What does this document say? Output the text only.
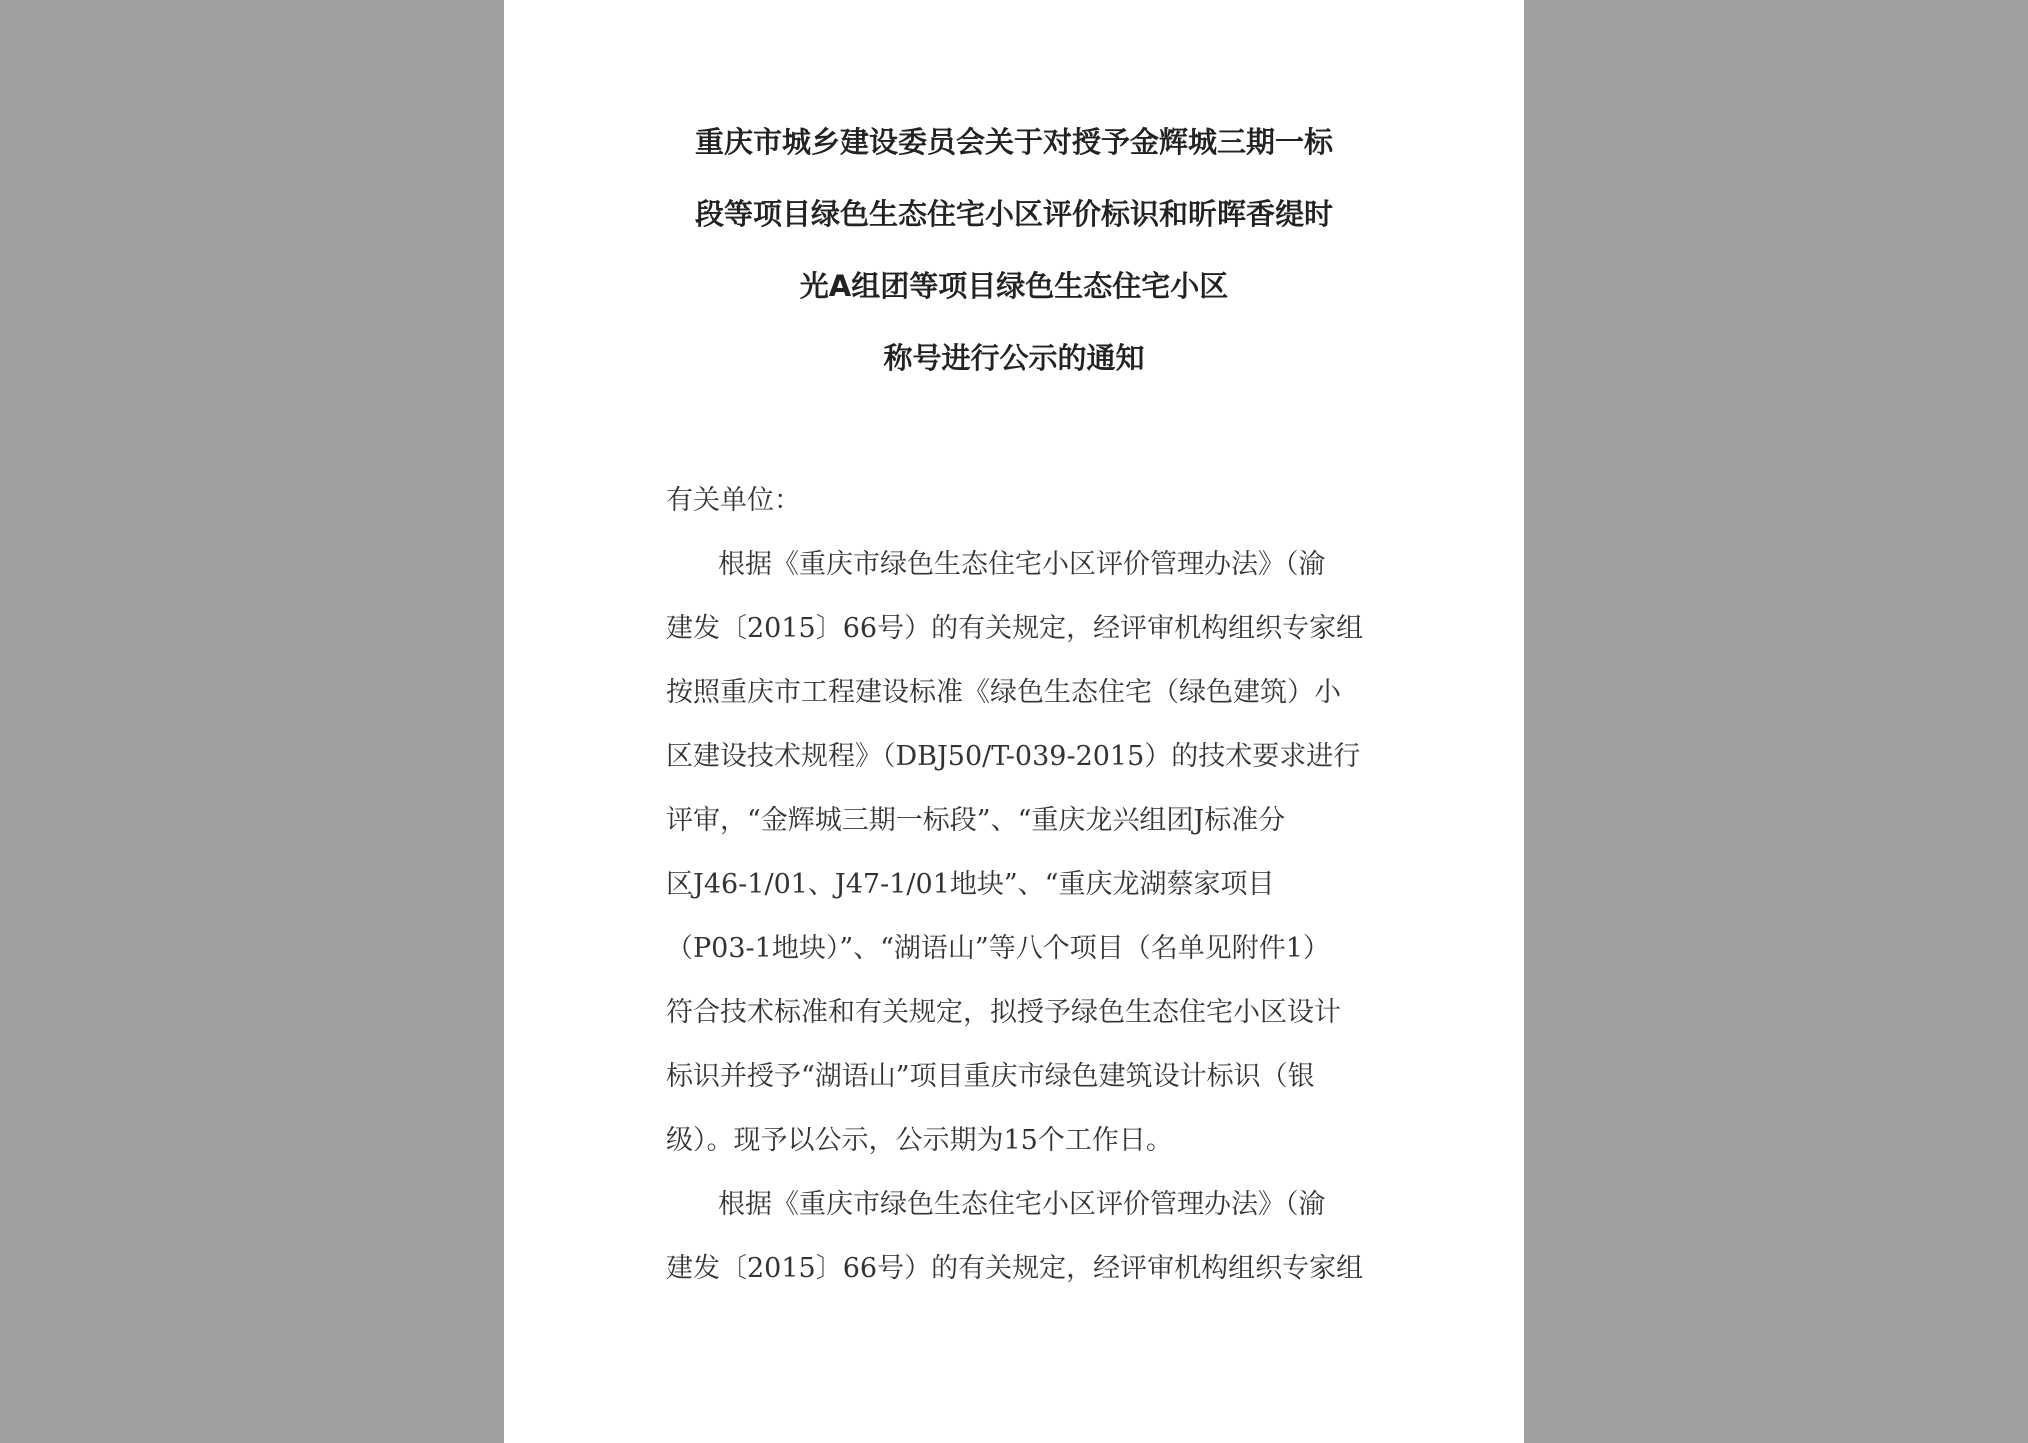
重庆市城乡建设委员会关于对授予金辉城三期一标
段等项目绿色生态住宅小区评价标识和昕晖香缇时
光A组团等项目绿色生态住宅小区
称号进行公示的通知
有关单位：
根据《重庆市绿色生态住宅小区评价管理办法》（渝
建发〔2015〕66号）的有关规定，经评审机构组织专家组
按照重庆市工程建设标准《绿色生态住宅（绿色建筑）小
区建设技术规程》（DBJ50/T-039-2015）的技术要求进行
评审，“金辉城三期一标段”、“重庆龙兴组团J标准分
区J46-1/01、J47-1/01地块”、“重庆龙湖蔡家项目
（P03-1地块）”、“湖语山”等八个项目（名单见附件1）
符合技术标准和有关规定，拟授予绿色生态住宅小区设计
标识并授予“湖语山”项目重庆市绿色建筑设计标识（银
级）。现予以公示，公示期为15个工作日。
根据《重庆市绿色生态住宅小区评价管理办法》（渝
建发〔2015〕66号）的有关规定，经评审机构组织专家组
